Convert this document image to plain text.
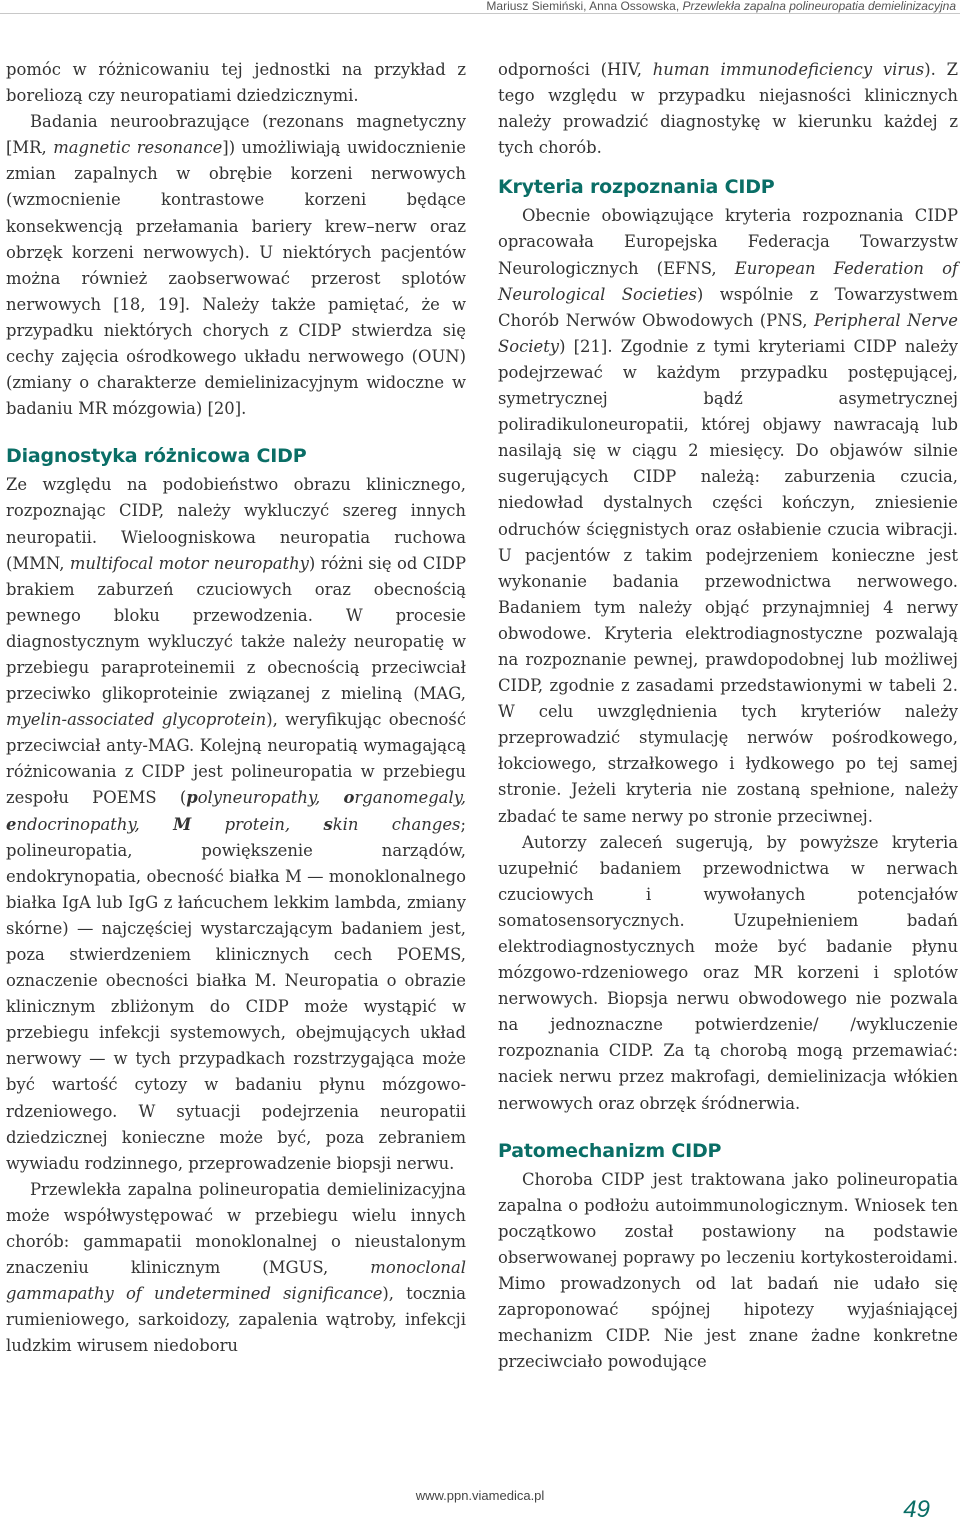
Mariusz Siemiński, Anna Ossowska, Przewlekła zapalna polineuropatia demielinizacyjna

pomóc w różnicowaniu tej jednostki na przykład z boreliozą czy neuropatiami dziedzicznymi.

Badania neuroobrazujące (rezonans magnetyczny [MR, magnetic resonance]) umożliwiają uwidocznienie zmian zapalnych w obrębie korzeni nerwowych (wzmocnienie kontrastowe korzeni będące konsekwencją przełamania bariery krew–nerw oraz obrzęk korzeni nerwowych). U niektórych pacjentów można również zaobserwować przerost splotów nerwowych [18, 19]. Należy także pamiętać, że w przypadku niektórych chorych z CIDP stwierdza się cechy zajęcia ośrodkowego układu nerwowego (OUN) (zmiany o charakterze demielinizacyjnym widoczne w badaniu MR mózgowia) [20].

Diagnostyka różnicowa CIDP

Ze względu na podobieństwo obrazu klinicznego, rozpoznając CIDP, należy wykluczyć szereg innych neuropatii. Wieloogniskowa neuropatia ruchowa (MMN, multifocal motor neuropathy) różni się od CIDP brakiem zaburzeń czuciowych oraz obecnością pewnego bloku przewodzenia. W procesie diagnostycznym wykluczyć także należy neuropatię w przebiegu paraproteinemii z obecnością przeciwciał przeciwko glikoproteinie związanej z mieliną (MAG, myelin-associated glycoprotein), weryfikując obecność przeciwciał anty-MAG. Kolejną neuropatią wymagającą różnicowania z CIDP jest polineuropatia w przebiegu zespołu POEMS (polyneuropathy, organomegaly, endocrinopathy, M protein, skin changes; polineuropatia, powiększenie narządów, endokrynopatia, obecność białka M — monoklonalnego białka IgA lub IgG z łańcuchem lekkim lambda, zmiany skórne) — najczęściej wystarczającym badaniem jest, poza stwierdzeniem klinicznych cech POEMS, oznaczenie obecności białka M. Neuropatia o obrazie klinicznym zbliżonym do CIDP może wystąpić w przebiegu infekcji systemowych, obejmujących układ nerwowy — w tych przypadkach rozstrzygająca może być wartość cytozy w badaniu płynu mózgowo-rdzeniowego. W sytuacji podejrzenia neuropatii dziedzicznej konieczne może być, poza zebraniem wywiadu rodzinnego, przeprowadzenie biopsji nerwu.

Przewlekła zapalna polineuropatia demielinizacyjna może współwystępować w przebiegu wielu innych chorób: gammapatii monoklonalnej o nieustalonym znaczeniu klinicznym (MGUS,	monoclonal gammapathy of undetermined significance), tocznia rumieniowego, sarkoidozy, zapalenia wątroby, infekcji ludzkim wirusem niedoboru

odporności (HIV, human immunodeficiency virus). Z tego względu w przypadku niejasności klinicznych należy prowadzić diagnostykę w kierunku każdej z tych chorób.

Kryteria rozpoznania CIDP

Obecnie obowiązujące kryteria rozpoznania CIDP opracowała Europejska Federacja Towarzystw Neurologicznych (EFNS, European Federation of Neurological Societies) wspólnie z Towarzystwem Chorób Nerwów Obwodowych (PNS, Peripheral Nerve Society) [21]. Zgodnie z tymi kryteriami CIDP należy podejrzewać w każdym przypadku postępującej, symetrycznej bądź asymetrycznej poliradikuloneuropatii, której objawy nawracają lub nasilają się w ciągu 2 miesięcy. Do objawów silnie sugerujących CIDP należą: zaburzenia czucia, niedowład dystalnych części kończyn, zniesienie odruchów ścięgnistych oraz osłabienie czucia wibracji. U pacjentów z takim podejrzeniem konieczne jest wykonanie badania przewodnictwa nerwowego. Badaniem tym należy objąć przynajmniej 4 nerwy obwodowe. Kryteria elektrodiagnostyczne pozwalają na rozpoznanie pewnej, prawdopodobnej lub możliwej CIDP, zgodnie z zasadami przedstawionymi w tabeli 2. W celu uwzględnienia tych kryteriów należy przeprowadzić stymulację nerwów pośrodkowego, łokciowego, strzałkowego i łydkowego po tej samej stronie. Jeżeli kryteria nie zostaną spełnione, należy zbadać te same nerwy po stronie przeciwnej.

Autorzy zaleceń sugerują, by powyższe kryteria uzupełnić badaniem przewodnictwa w nerwach czuciowych i wywołanych potencjałów somatosensorycznych. Uzupełnieniem badań elektrodiagnostycznych może być badanie płynu mózgowo-rdzeniowego oraz MR korzeni i splotów nerwowych. Biopsja nerwu obwodowego nie pozwala na jednoznaczne potwierdzenie/ /wykluczenie rozpoznania CIDP. Za tą chorobą mogą przemawiać: naciek nerwu przez makrofagi, demielinizacja włókien nerwowych oraz obrzęk śródnerwia.

Patomechanizm CIDP

Choroba CIDP jest traktowana jako polineuropatia zapalna o podłożu autoimmunologicznym. Wniosek ten początkowo został postawiony na podstawie obserwowanej poprawy po leczeniu kortykosteroidami. Mimo prowadzonych od lat badań nie udało się zaproponować spójnej hipotezy wyjaśniającej mechanizm CIDP. Nie jest znane żadne konkretne przeciwciało powodujące

www.ppn.viamedica.pl
49
